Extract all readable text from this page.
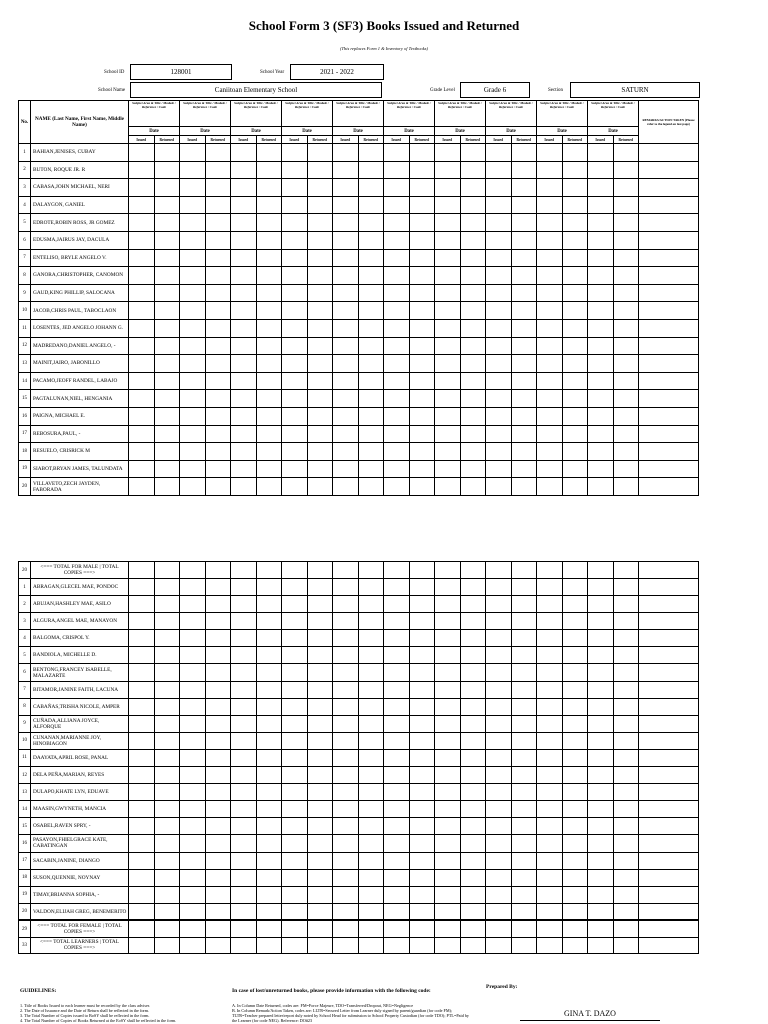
School Form 3 (SF3) Books Issued and Returned
(This replaces Form 1 & Inventory of Textbooks)
School ID	128001	School Year	2021 - 2022
School Name	Caniitoan Elementary School	Grade Level	Grade 6	Section	SATURN
No.	NAME (Last Name, First Name, Middle Name)	Subject Area & Title / Module / Reference / Code		Subject Area & Title / Module / Reference / Code		Subject Area & Title / Module / Reference / Code		Subject Area & Title / Module / Reference / Code		Subject Area & Title / Module / Reference / Code		Subject Area & Title / Module / Reference / Code		Subject Area & Title / Module / Reference / Code		Subject Area & Title / Module / Reference / Code		Subject Area & Title / Module / Reference / Code		Subject Area & Title / Module / Reference / Code		REMARKS/ACTION TAKEN (Please refer to the legend on last page)
		Date		Date		Date		Date		Date		Date		Date		Date		Date		Date		
		Issued	Returned	Issued	Returned	Issued	Returned	Issued	Returned	Issued	Returned	Issued	Returned	Issued	Returned	Issued	Returned	Issued	Returned	Issued	Returned	
1	BAHIAN,JENISES, CUBAY																					
2	BUTON, ROQUE JR. R																					
3	CABASA,JOHN MICHAEL, NERI																					
4	DALAYGON, GANIEL																					
5	EDROTE,ROBIN ROSS, JR GOMEZ																					
6	EDUSMA,JAIRUS JAY, DACULA																					
7	ENTELISO, BRYLE ANGELO V.																					
8	GANORA,CHRISTOPHER, CANOMON																					
9	GAUD,KING PHILLIP, SALOCANA																					
10	JACOB,CHRIS PAUL, TABOCLAON																					
11	LOSENTES, JED ANGELO JOHANN G.																					
12	MADREDANO,DANIEL ANGELO, -																					
13	MAINIT,JAIRO, JABONILLO																					
14	PACAMO,JEOFF RANDEL, LABAJO																					
15	PAGTALUNAN,NIEL, HENGANIA																					
16	PAIGNA, MICHAEL E.																					
17	REBOSURA,PAUL, -																					
18	RESUELO, CRISRICK M																					
19	SIABOT,BRYAN JAMES, TALUNDATA																					
20	VILLAVETO,ZECH JAYDEN, FABORADA																					
20	<=== TOTAL FOR MALE | TOTAL COPIES ===>																					
1	ABRAGAN,GLECEL MAE, PONDOC																					
2	ABUJAN,HASHLEY MAE, ASILO																					
3	ALGURA,ANGEL MAE, MANAYON																					
4	BALGOMA, CRISPOL Y.																					
5	BANDIOLA, MICHELLE D.																					
6	BENTONG,FRANCEY ISABELLE, MALAZARTE																					
7	BITAMOR,JANINE FAITH, LACUNA																					
8	CABAÑAS,TRISHA NICOLE, AMPER																					
9	CUÑADA,ALLIANA JOYCE, ALFORQUE																					
10	CUNANAN,MARIANNE JOY, HINOBIAGON																					
11	DAAYATA,APRIL ROSE, PANAL																					
12	DELA PEÑA,MARIAN, REYES																					
13	DULAPO,KHATE LYN, EDUAVE																					
14	MAASIN,GWYNETH, MANCIA																					
15	OSABEL,RAVEN SPRY, -																					
16	PASAYON,FHIELGRACE KATE, CABATINGAN																					
17	SACABIN,JANINE, DIANGO																					
18	SUSON,QUENNIE, NOYNAY																					
19	TIMAY,BRIANNA SOPHIA, -																					
20	VALDON,ELIJAH GREG, BENEMERITO																					
29	<=== TOTAL FOR FEMALE | TOTAL COPIES ===>																					
33	<=== TOTAL LEARNERS | TOTAL COPIES ===>																					
GUIDELINES:
1. Title of Books Issued to each learner must be recorded by the class adviser.
2. The Date of Issuance and the Date of Return shall be reflected in the form.
3. The Total Number of Copies issued to BoSY shall be reflected in the form.
4. The Total Number of Copies of Books Returned at the EoSY shall be reflected in the form.
In case of lost/unreturned books, please provide information with the following code:
A. In Column Date Returned, codes are: FM=Force Majeure, TDO=Transferred/Dropout, NEG=Negligence
B. In Column Remark/Action Taken, codes are: LLTR=Secured Letter from Learner duly signed by parent/guardian (for code FM); TLTR=Teacher prepared letter/report duly noted by School Head for submission to School Property Custodian (for code TDO); PTL=Paid by the Learner (for code NEG). Reference: DO#23
Prepared By:
GINA T. DAZO
